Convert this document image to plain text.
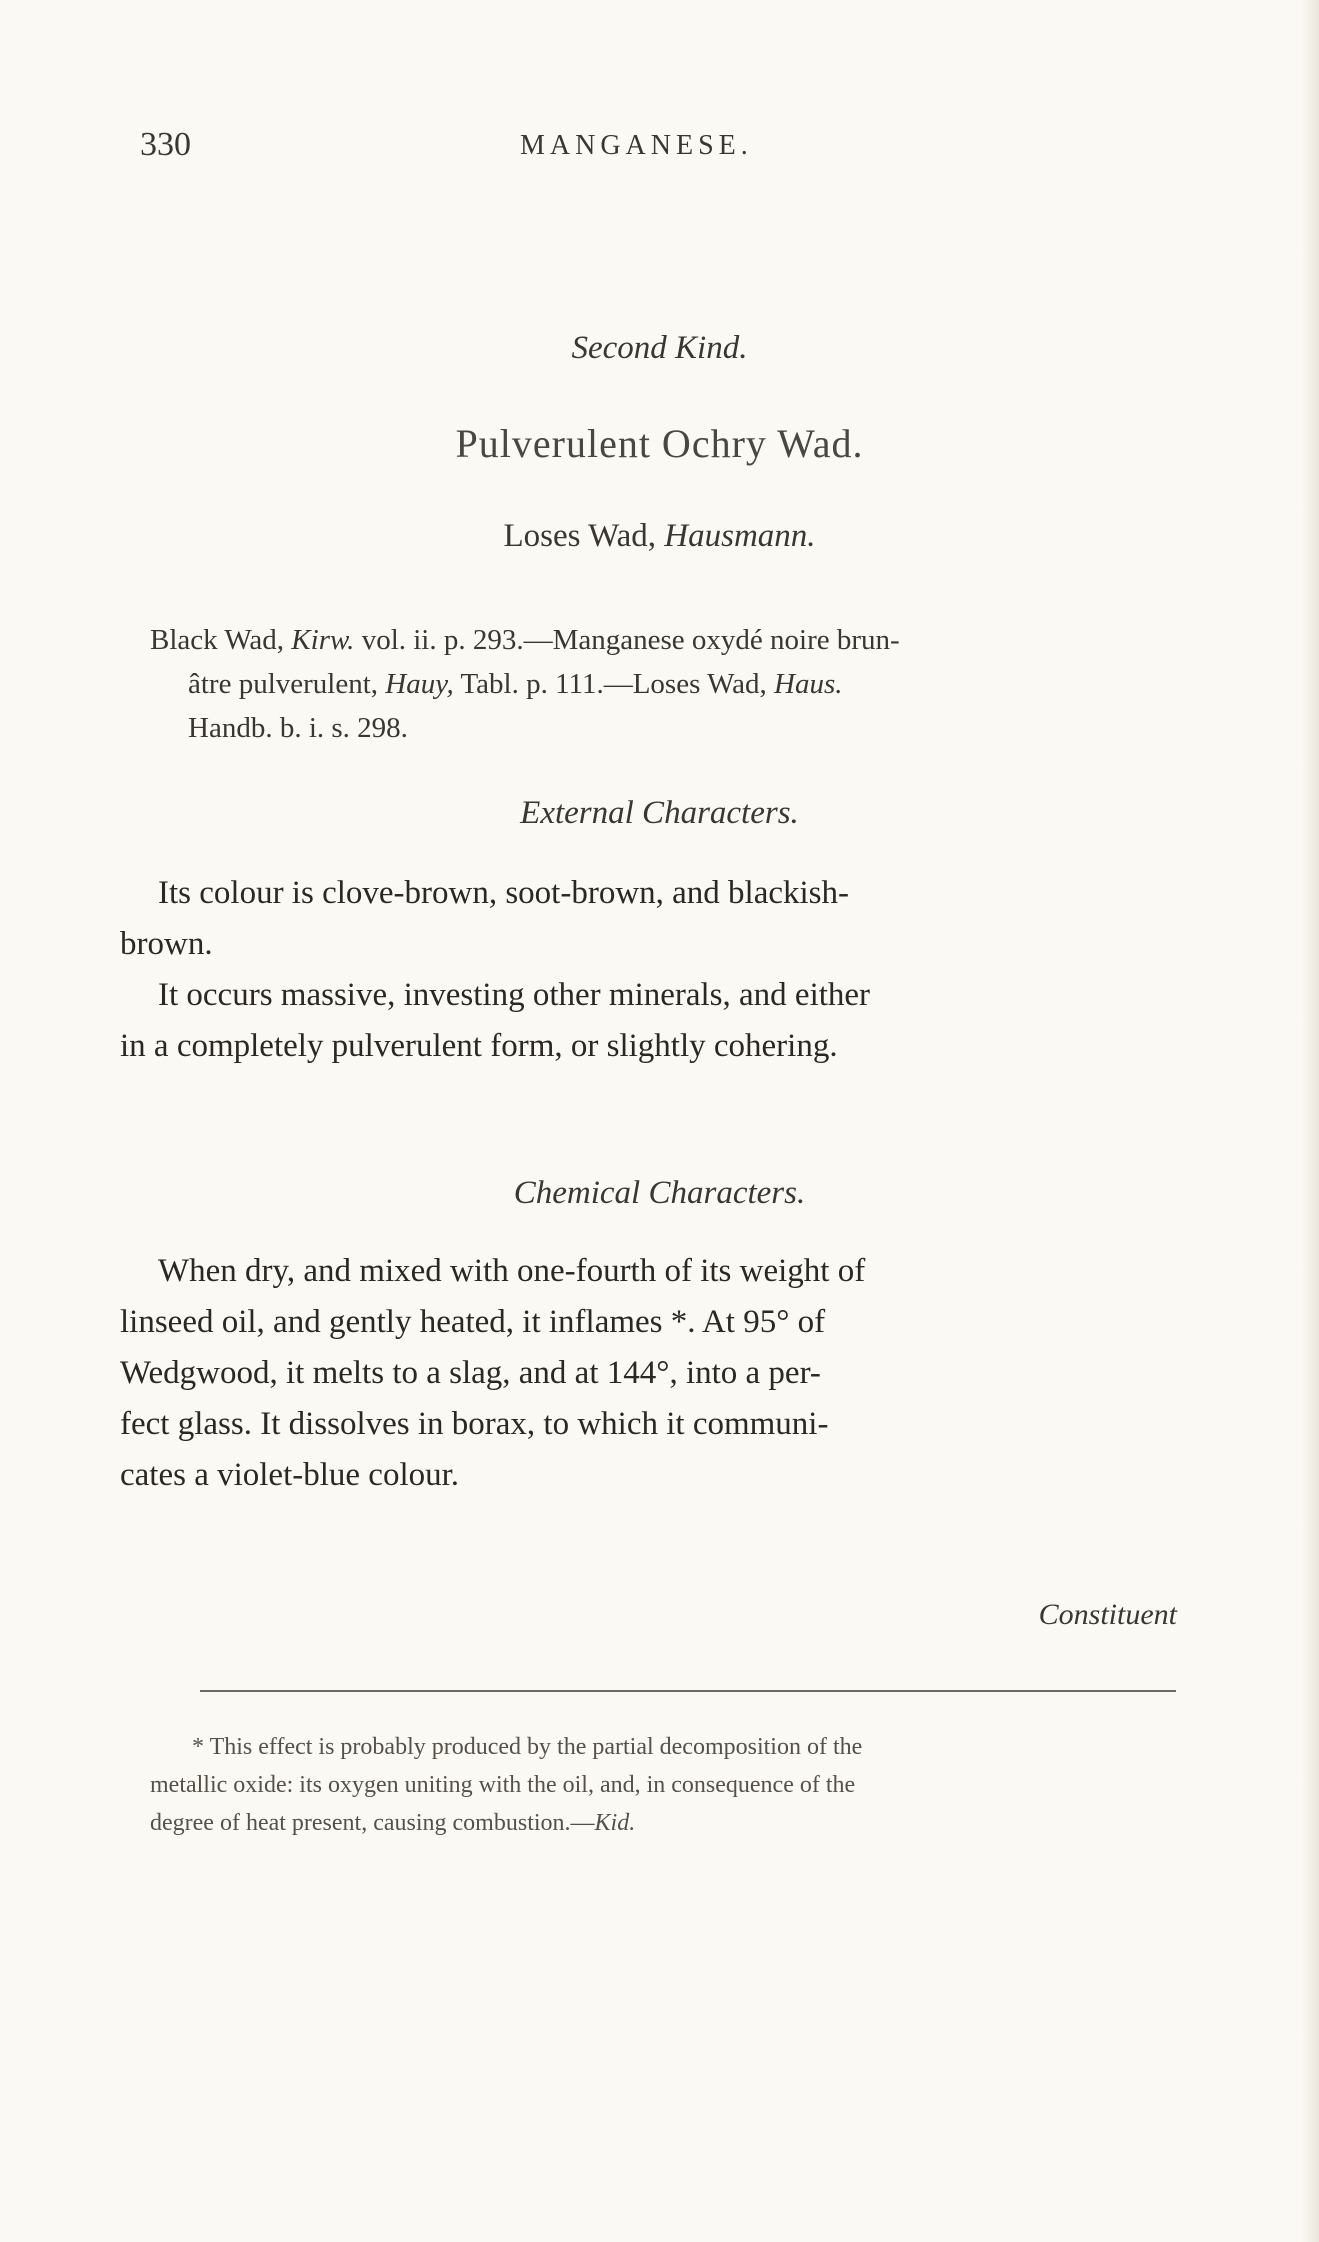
330	MANGANESE.
Second Kind.
Pulverulent Ochry Wad.
Loses Wad, Hausmann.
Black Wad, Kirw. vol. ii. p. 293.—Manganese oxydé noire brun-
âtre pulverulent, Hauy, Tabl. p. 111.—Loses Wad, Haus.
Handb. b. i. s. 298.
External Characters.
Its colour is clove-brown, soot-brown, and blackish-
brown.
It occurs massive, investing other minerals, and either
in a completely pulverulent form, or slightly cohering.
Chemical Characters.
When dry, and mixed with one-fourth of its weight of
linseed oil, and gently heated, it inflames *. At 95° of
Wedgwood, it melts to a slag, and at 144°, into a per-
fect glass. It dissolves in borax, to which it communi-
cates a violet-blue colour.
Constituent
* This effect is probably produced by the partial decomposition of the
metallic oxide: its oxygen uniting with the oil, and, in consequence of the
degree of heat present, causing combustion.—Kid.
